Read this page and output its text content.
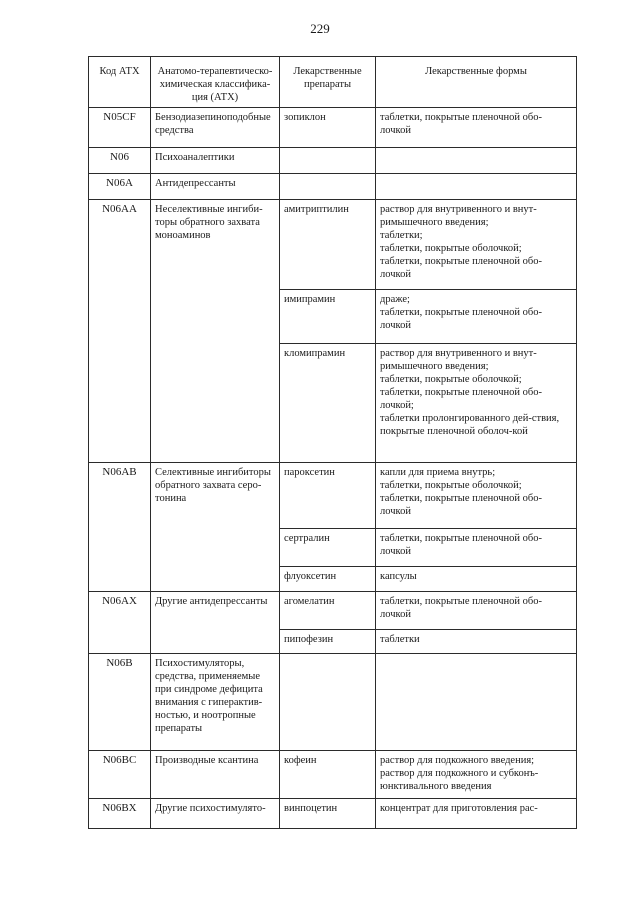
229
Код АТХ	Анатомо-терапевтическо-химическая классифика-ция (АТХ)	Лекарственные препараты	Лекарственные формы
N05CF	Бензодиазепиноподобные средства	зопиклон	таблетки, покрытые пленочной обо-лочкой

N06	Психоаналептики		
N06A	Антидепрессанты		
N06AA	Неселективные ингиби-торы обратного захвата моноаминов	амитриптилин	раствор для внутривенного и внут-римышечного введения;
таблетки;
таблетки, покрытые оболочкой;
таблетки, покрытые пленочной обо-лочкой

		имипрамин	драже;
таблетки, покрытые пленочной обо-лочкой

		кломипрамин	раствор для внутривенного и внут-римышечного введения;
таблетки, покрытые оболочкой;
таблетки, покрытые пленочной обо-лочкой;
таблетки пролонгированного дей-ствия, покрытые пленочной оболоч-кой

N06AB	Селективные ингибиторы обратного захвата серо-тонина	пароксетин	капли для приема внутрь;
таблетки, покрытые оболочкой;
таблетки, покрытые пленочной обо-лочкой

		сертралин	таблетки, покрытые пленочной обо-лочкой

		флуоксетин	капсулы

N06AX	Другие антидепрессанты	агомелатин	таблетки, покрытые пленочной обо-лочкой

		пипофезин	таблетки

N06B	Психостимуляторы, средства, применяемые при синдроме дефицита внимания с гиперактив-ностью, и ноотропные препараты		
N06BC	Производные ксантина	кофеин	раствор для подкожного введения;
раствор для подкожного и субконъ-юнктивального введения

N06BX	Другие психостимулято-	винпоцетин	концентрат для приготовления рас-
